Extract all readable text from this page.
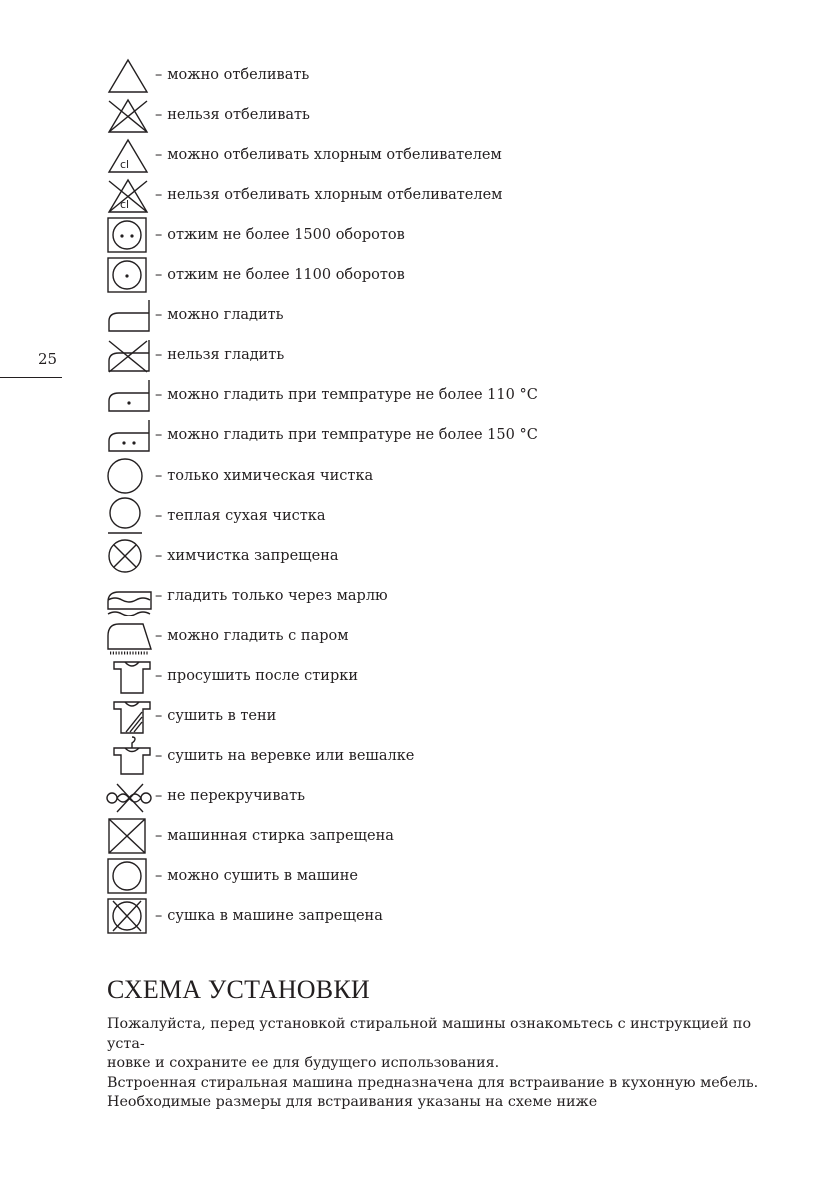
25
– можно отбеливать
– нельзя отбеливать
cl
– можно отбеливать хлорным отбеливателем
cl
– нельзя отбеливать хлорным отбеливателем
– отжим не более 1500 оборотов
– отжим не более 1100 оборотов
– можно гладить
– нельзя гладить
– можно гладить при темпратуре не более 110 °С
– можно гладить при темпратуре не более 150 °С
– только химическая чистка
– теплая сухая чистка
– химчистка запрещена
– гладить только через марлю
– можно гладить с паром
– просушить после стирки
– сушить в тени
– сушить на веревке или вешалке
– не перекручивать
– машинная стирка запрещена
– можно сушить в машине
– сушка в машине запрещена
СХЕМА УСТАНОВКИ

Пожалуйста, перед установкой стиральной машины ознакомьтесь с инструкцией по уста-

новке и сохраните ее для будущего использования.

Встроенная стиральная машина предназначена для встраивание в кухонную мебель.

Необходимые размеры для встраивания указаны на схеме ниже
